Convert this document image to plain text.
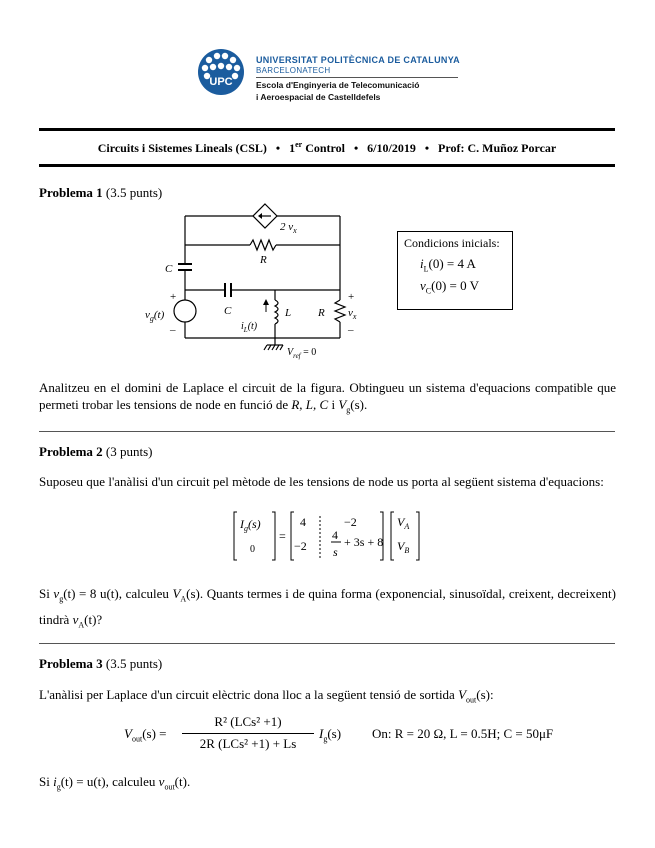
UPC
UNIVERSITAT POLITÈCNICA DE CATALUNYA
BARCELONATECH
Escola d'Enginyeria de Telecomunicació
i Aeroespacial de Castelldefels
Circuits i Sistemes Lineals (CSL) • 1er Control • 6/10/2019 • Prof: C. Muñoz Porcar
Problema 1 (3.5 punts)
2 $v_x$
R
C
C	L R
+
–
$v_g(t)$
$i_L(t)$
+
$v_x$
–
$V_{ref} = 0$
Condicions inicials:
$i_L(0) = 4$ A
$v_C(0) = 0$ V
Analitzeu en el domini de Laplace el circuit de la figura. Obtingueu un sistema d'equacions compatible que permeti trobar les tensions de node en funció de R, L, C i $V_g(s)$.
Problema 2 (3 punts)
Suposeu que l'anàlisi d'un circuit pel mètode de les tensions de node us porta al següent sistema d'equacions:
$I_g(s)$
0
=
4	−2
−2
4
s
+ 3s + 8
$V_A$
$V_B$
Si $v_g(t) = 8$ u(t), calculeu $V_A(s)$. Quants termes i de quina forma (exponencial, sinusoïdal, creixent, decreixent) tindrà $v_A(t)$?
Problema 3 (3.5 punts)
L'anàlisi per Laplace d'un circuit elèctric dona lloc a la següent tensió de sortida $V_{out}(s)$:
$V_{out}(s)$ =
R² (LCs² +1)
2R (LCs² +1) + Ls
$I_g(s)$ On: R = 20 Ω, L = 0.5H; C = 50μF
Si $i_g(t) = u(t)$, calculeu $v_{out}(t)$.
